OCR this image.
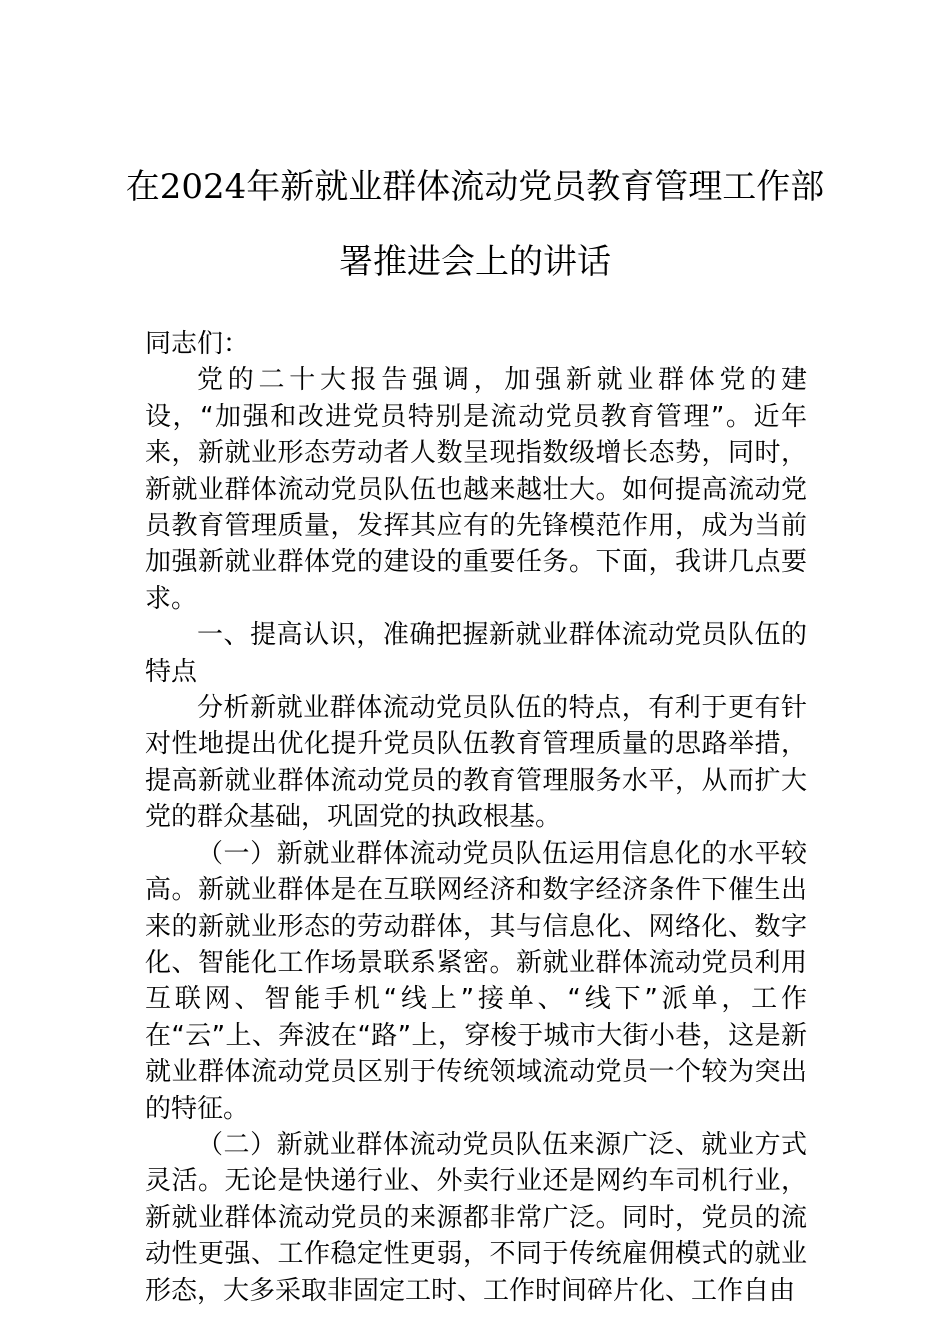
在2024年新就业群体流动党员教育管理工作部署推进会上的讲话

同志们：

党的二十大报告强调，加强新就业群体党的建设，“加强和改进党员特别是流动党员教育管理”。近年来，新就业形态劳动者人数呈现指数级增长态势，同时，新就业群体流动党员队伍也越来越壮大。如何提高流动党员教育管理质量，发挥其应有的先锋模范作用，成为当前加强新就业群体党的建设的重要任务。下面，我讲几点要求。

一、提高认识，准确把握新就业群体流动党员队伍的特点

分析新就业群体流动党员队伍的特点，有利于更有针对性地提出优化提升党员队伍教育管理质量的思路举措，提高新就业群体流动党员的教育管理服务水平，从而扩大党的群众基础，巩固党的执政根基。

（一）新就业群体流动党员队伍运用信息化的水平较高。新就业群体是在互联网经济和数字经济条件下催生出来的新就业形态的劳动群体，其与信息化、网络化、数字化、智能化工作场景联系紧密。新就业群体流动党员利用互联网、智能手机“线上”接单、“线下”派单，工作在“云”上、奔波在“路”上，穿梭于城市大街小巷，这是新就业群体流动党员区别于传统领域流动党员一个较为突出的特征。

（二）新就业群体流动党员队伍来源广泛、就业方式灵活。无论是快递行业、外卖行业还是网约车司机行业，新就业群体流动党员的来源都非常广泛。同时，党员的流动性更强、工作稳定性更弱，不同于传统雇佣模式的就业形态，大多采取非固定工时、工作时间碎片化、工作自由
